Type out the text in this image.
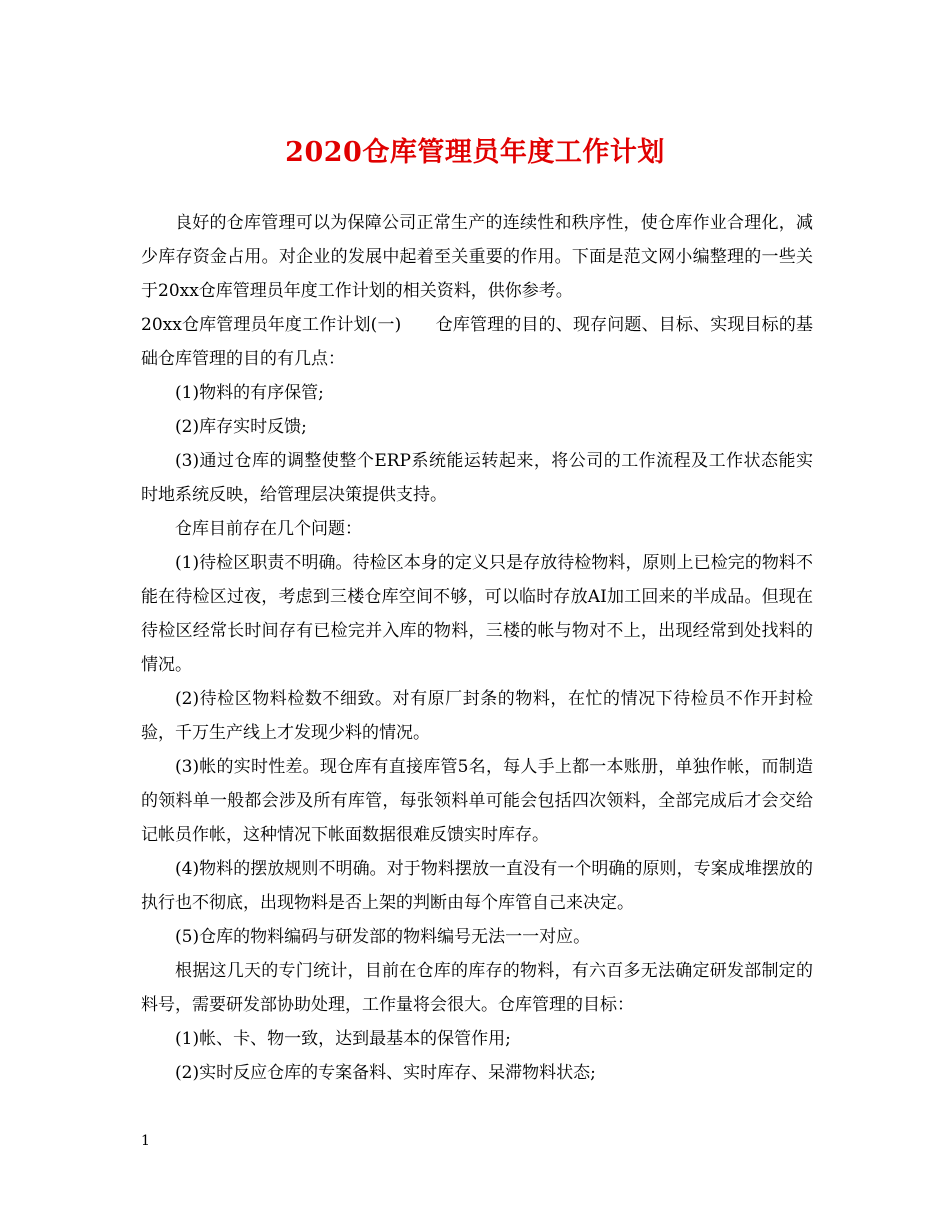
2020仓库管理员年度工作计划

良好的仓库管理可以为保障公司正常生产的连续性和秩序性，使仓库作业合理化，减少库存资金占用。对企业的发展中起着至关重要的作用。下面是范文网小编整理的一些关于20xx仓库管理员年度工作计划的相关资料，供你参考。

20xx仓库管理员年度工作计划(一)　　仓库管理的目的、现存问题、目标、实现目标的基础仓库管理的目的有几点：

(1)物料的有序保管;

(2)库存实时反馈;

(3)通过仓库的调整使整个ERP系统能运转起来，将公司的工作流程及工作状态能实时地系统反映，给管理层决策提供支持。

仓库目前存在几个问题：

(1)待检区职责不明确。待检区本身的定义只是存放待检物料，原则上已检完的物料不能在待检区过夜，考虑到三楼仓库空间不够，可以临时存放AI加工回来的半成品。但现在待检区经常长时间存有已检完并入库的物料，三楼的帐与物对不上，出现经常到处找料的情况。

(2)待检区物料检数不细致。对有原厂封条的物料，在忙的情况下待检员不作开封检验，千万生产线上才发现少料的情况。

(3)帐的实时性差。现仓库有直接库管5名，每人手上都一本账册，单独作帐，而制造的领料单一般都会涉及所有库管，每张领料单可能会包括四次领料，全部完成后才会交给记帐员作帐，这种情况下帐面数据很难反馈实时库存。

(4)物料的摆放规则不明确。对于物料摆放一直没有一个明确的原则，专案成堆摆放的执行也不彻底，出现物料是否上架的判断由每个库管自己来决定。

(5)仓库的物料编码与研发部的物料编号无法一一对应。

根据这几天的专门统计，目前在仓库的库存的物料，有六百多无法确定研发部制定的料号，需要研发部协助处理，工作量将会很大。仓库管理的目标：

(1)帐、卡、物一致，达到最基本的保管作用;

(2)实时反应仓库的专案备料、实时库存、呆滞物料状态;

1
